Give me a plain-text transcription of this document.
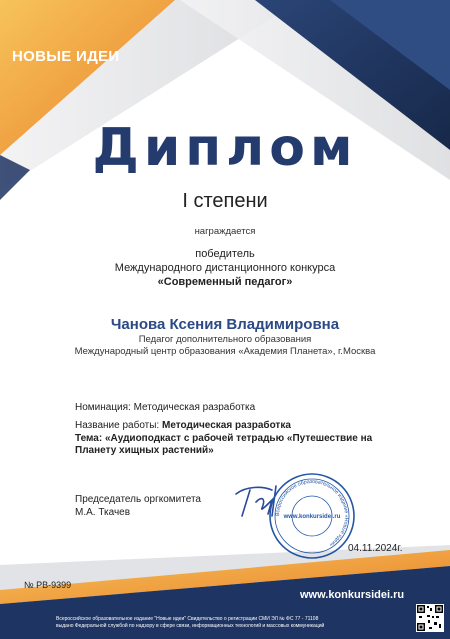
НОВЫЕ ИДЕИ
Диплом
I степени
награждается
победитель
Международного дистанционного конкурса
«Современный педагог»
Чанова Ксения Владимировна
Педагог дополнительного образования
Международный центр образования «Академия Планета», г.Москва
Номинация: Методическая разработка
Название работы: Методическая разработка
Тема: «Аудиоподкаст с рабочей тетрадью «Путешествие на Планету хищных растений»
Председатель оргкомитета
М.А. Ткачев	Всероссийское образовательное издание «Новые идеи»
www.konkursidei.ru
04.11.2024г.
№ РВ-9399
www.konkursidei.ru
Всероссийское образовательное издание "Новые идеи" Свидетельство о регистрации СМИ ЭЛ № ФС 77 - 71108
выдано Федеральной службой по надзору в сфере связи, информационных технологий и массовых коммуникаций
